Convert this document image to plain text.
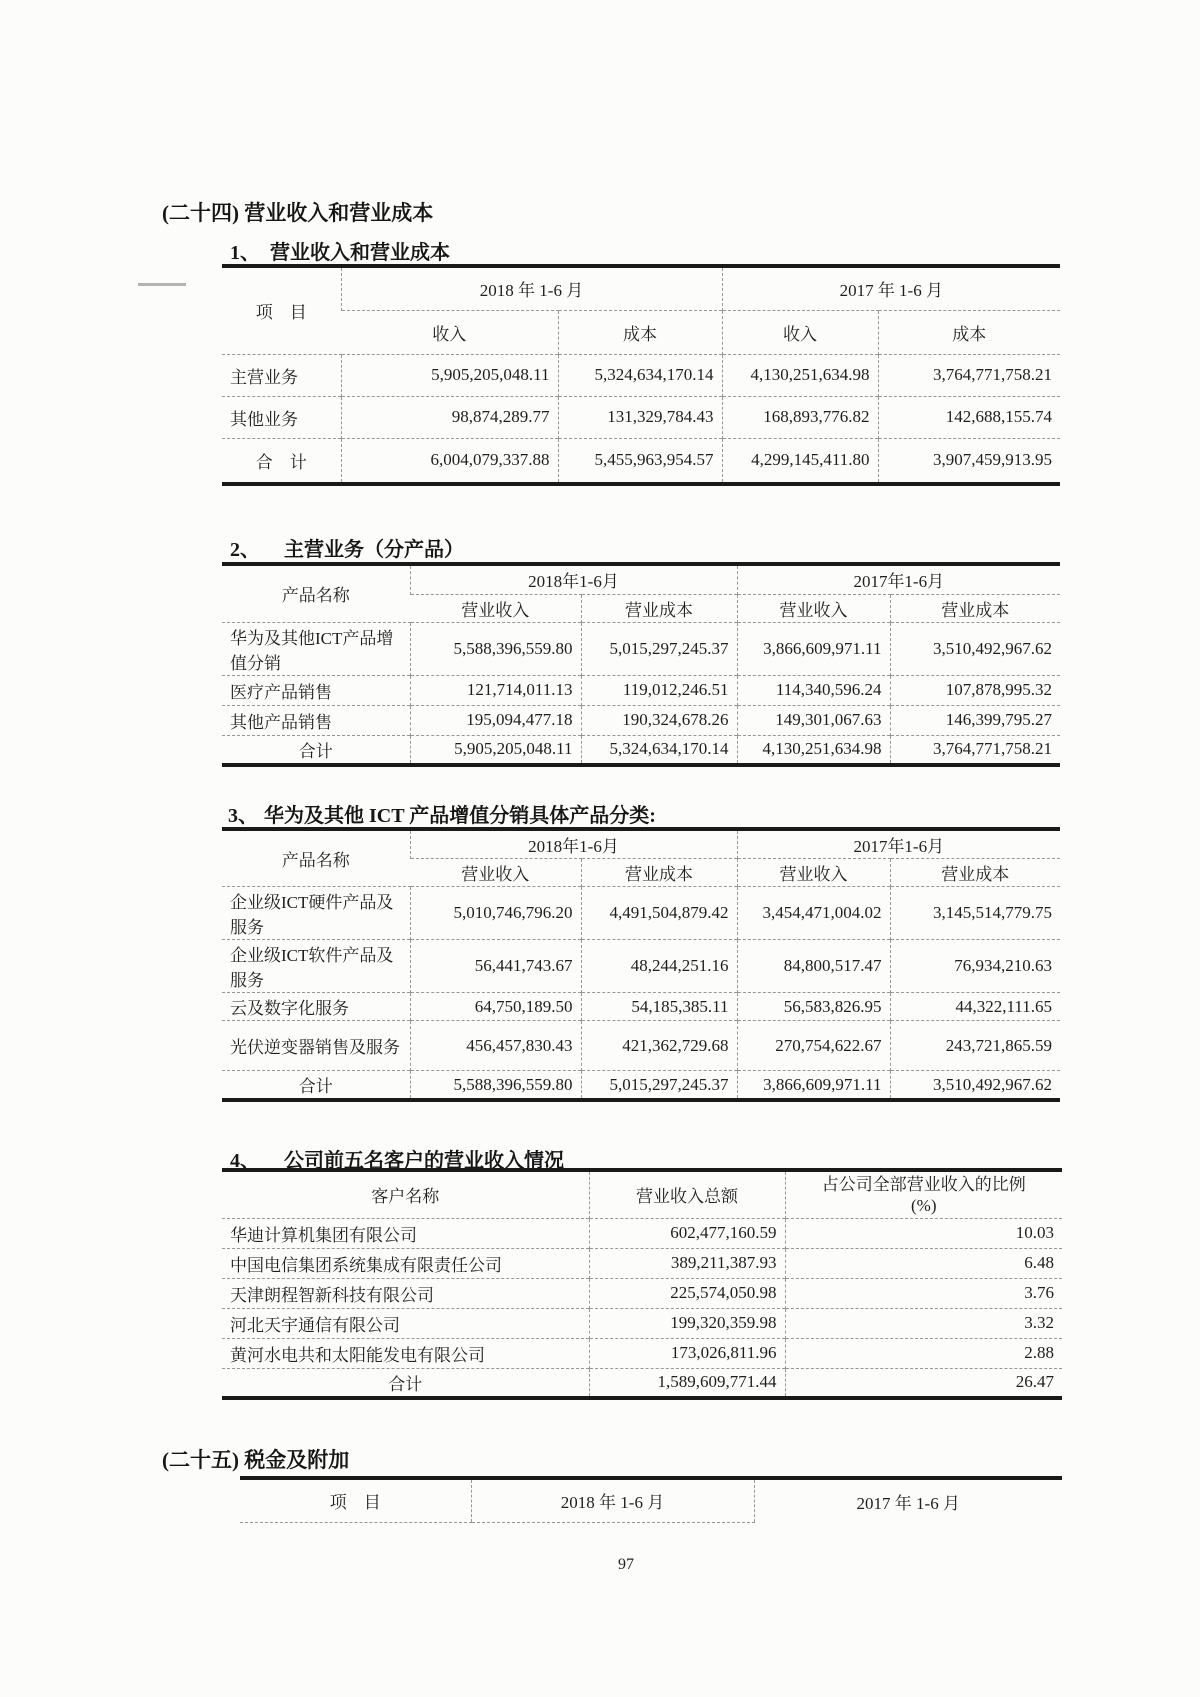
(二十四) 营业收入和营业成本
1、 营业收入和营业成本
项　目	2018 年 1-6 月		2017 年 1-6 月	
	收入	成本	收入	成本
主营业务	5,905,205,048.11	5,324,634,170.14	4,130,251,634.98	3,764,771,758.21
其他业务	98,874,289.77	131,329,784.43	168,893,776.82	142,688,155.74
合　计	6,004,079,337.88	5,455,963,954.57	4,299,145,411.80	3,907,459,913.95
2、 主营业务（分产品）
产品名称	2018年1-6月		2017年1-6月	
	营业收入	营业成本	营业收入	营业成本
华为及其他ICT产品增值分销	5,588,396,559.80	5,015,297,245.37	3,866,609,971.11	3,510,492,967.62
医疗产品销售	121,714,011.13	119,012,246.51	114,340,596.24	107,878,995.32
其他产品销售	195,094,477.18	190,324,678.26	149,301,067.63	146,399,795.27
合计	5,905,205,048.11	5,324,634,170.14	4,130,251,634.98	3,764,771,758.21
3、 华为及其他 ICT 产品增值分销具体产品分类:
产品名称	2018年1-6月		2017年1-6月	
	营业收入	营业成本	营业收入	营业成本
企业级ICT硬件产品及服务	5,010,746,796.20	4,491,504,879.42	3,454,471,004.02	3,145,514,779.75
企业级ICT软件产品及服务	56,441,743.67	48,244,251.16	84,800,517.47	76,934,210.63
云及数字化服务	64,750,189.50	54,185,385.11	56,583,826.95	44,322,111.65
光伏逆变器销售及服务	456,457,830.43	421,362,729.68	270,754,622.67	243,721,865.59
合计	5,588,396,559.80	5,015,297,245.37	3,866,609,971.11	3,510,492,967.62
4、 公司前五名客户的营业收入情况
客户名称	营业收入总额	占公司全部营业收入的比例
(%)

华迪计算机集团有限公司	602,477,160.59	10.03
中国电信集团系统集成有限责任公司	389,211,387.93	6.48
天津朗程智新科技有限公司	225,574,050.98	3.76
河北天宇通信有限公司	199,320,359.98	3.32
黄河水电共和太阳能发电有限公司	173,026,811.96	2.88
合计	1,589,609,771.44	26.47
(二十五) 税金及附加
项　目	2018 年 1-6 月	2017 年 1-6 月
97
